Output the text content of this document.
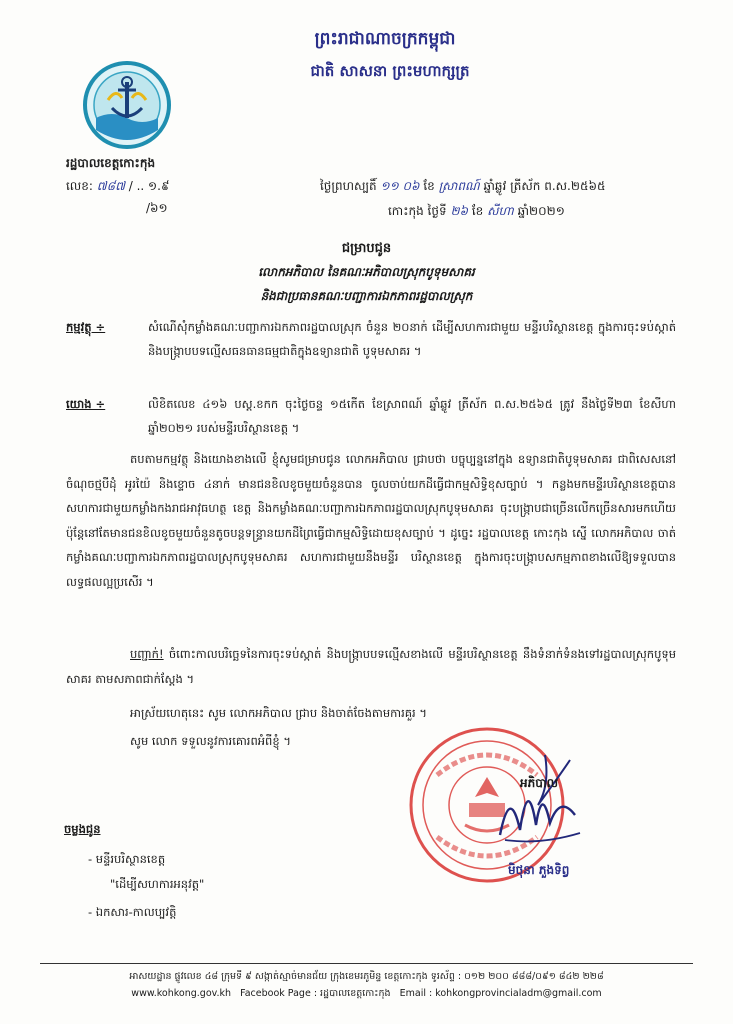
ព្រះរាជាណាចក្រកម្ពុជា
ជាតិ សាសនា ព្រះមហាក្សត្រ
រដ្ឋបាលខេត្តកោះកុង
លេខ: ៧៨៧ / .. ១.៩
/៦១
ថ្ងៃព្រហស្បតិ៍ ១១ ០៦ ខែ ស្រាពណ៍ ឆ្នាំឆ្លូវ ត្រីស័ក ព.ស.២៥៦៥
កោះកុង ថ្ងៃទី ២៦ ខែ សីហា ឆ្នាំ២០២១
ជម្រាបជូន
លោកអភិបាល នៃគណៈអភិបាលស្រុកបូទុមសាគរ
និងជាប្រធានគណៈបញ្ជាការឯកភាពរដ្ឋបាលស្រុក
កម្មវត្ថុ ÷	សំណើសុំកម្លាំងគណៈបញ្ជាការឯកភាពរដ្ឋបាលស្រុក ចំនួន ២០នាក់ ដើម្បីសហការជាមួយ មន្ទីរបរិស្ថានខេត្ត ក្នុងការចុះទប់ស្កាត់ និងបង្ក្រាបបទល្មើសធនធានធម្មជាតិក្នុងឧទ្យានជាតិ បូទុមសាគរ ។
យោង ÷	លិខិតលេខ ៤១៦ បស្ត.ខកក ចុះថ្ងៃចន្ទ ១៥កើត ខែស្រាពណ៍ ឆ្នាំឆ្លូវ ត្រីស័ក ព.ស.២៥៦៥ ត្រូវ នឹងថ្ងៃទី២៣ ខែសីហា ឆ្នាំ២០២១ របស់មន្ទីរបរិស្ថានខេត្ត ។
តបតាមកម្មវត្ថុ និងយោងខាងលើ ខ្ញុំសូមជម្រាបជូន លោកអភិបាល ជ្រាបថា បច្ចុប្បន្ននៅក្នុង ឧទ្យានជាតិបូទុមសាគរ ជាពិសេសនៅចំណុចថ្មបីដុំ អូរយ៉ៃ និងខ្ទោច ៤នាក់ មានជនខិលខូចមួយចំនួនបាន ចូលចាប់យកដីធ្វើជាកម្មសិទ្ធិខុសច្បាប់ ។ កន្លងមកមន្ទីរបរិស្ថានខេត្តបានសហការជាមួយកម្លាំងកងរាជអាវុធហត្ថ ខេត្ត និងកម្លាំងគណៈបញ្ជាការឯកភាពរដ្ឋបាលស្រុកបូទុមសាគរ ចុះបង្ក្រាបជាច្រើនលើកច្រើនសារមកហើយ ប៉ុន្តែនៅតែមានជនខិលខូចមួយចំនួនតូចបន្តទន្ទ្រានយកដីព្រៃធ្វើជាកម្មសិទ្ធិដោយខុសច្បាប់ ។ ដូច្នេះ រដ្ឋបាលខេត្ត កោះកុង ស្នើ លោកអភិបាល ចាត់កម្លាំងគណៈបញ្ជាការឯកភាពរដ្ឋបាលស្រុកបូទុមសាគរ សហការជាមួយនឹងមន្ទីរ បរិស្ថានខេត្ត ក្នុងការចុះបង្ក្រាបសកម្មភាពខាងលើឱ្យទទួលបានលទ្ធផលល្អប្រសើរ ។
បញ្ជាក់! ចំពោះកាលបរិច្ឆេទនៃការចុះទប់ស្កាត់ និងបង្ក្រាបបទល្មើសខាងលើ មន្ទីរបរិស្ថានខេត្ត នឹងទំនាក់ទំនងទៅរដ្ឋបាលស្រុកបូទុមសាគរ តាមសភាពជាក់ស្តែង ។
អាស្រ័យហេតុនេះ សូម លោកអភិបាល ជ្រាប និងចាត់ចែងតាមការគួរ ។
សូម លោក ទទួលនូវការគោរពអំពីខ្ញុំ ។
អភិបាល
មិថុនា ភួងទិព្វ
ចម្លងជូន
- មន្ទីរបរិស្ថានខេត្ត
"ដើម្បីសហការអនុវត្ត"
- ឯកសារ-កាលប្បវត្តិ
អាសយដ្ឋាន ផ្លូវលេខ ៤៨ ក្រុមទី ៩ សង្កាត់ស្មាច់មានជ័យ ក្រុងខេមរភូមិន្ទ ខេត្តកោះកុង ទូរស័ព្ទ : ០១២ ២០០ ៨៨៨/០៩១ ៨៤២ ២២៨
www.kohkong.gov.kh Facebook Page : រដ្ឋបាលខេត្តកោះកុង Email : kohkongprovincialadm@gmail.com
